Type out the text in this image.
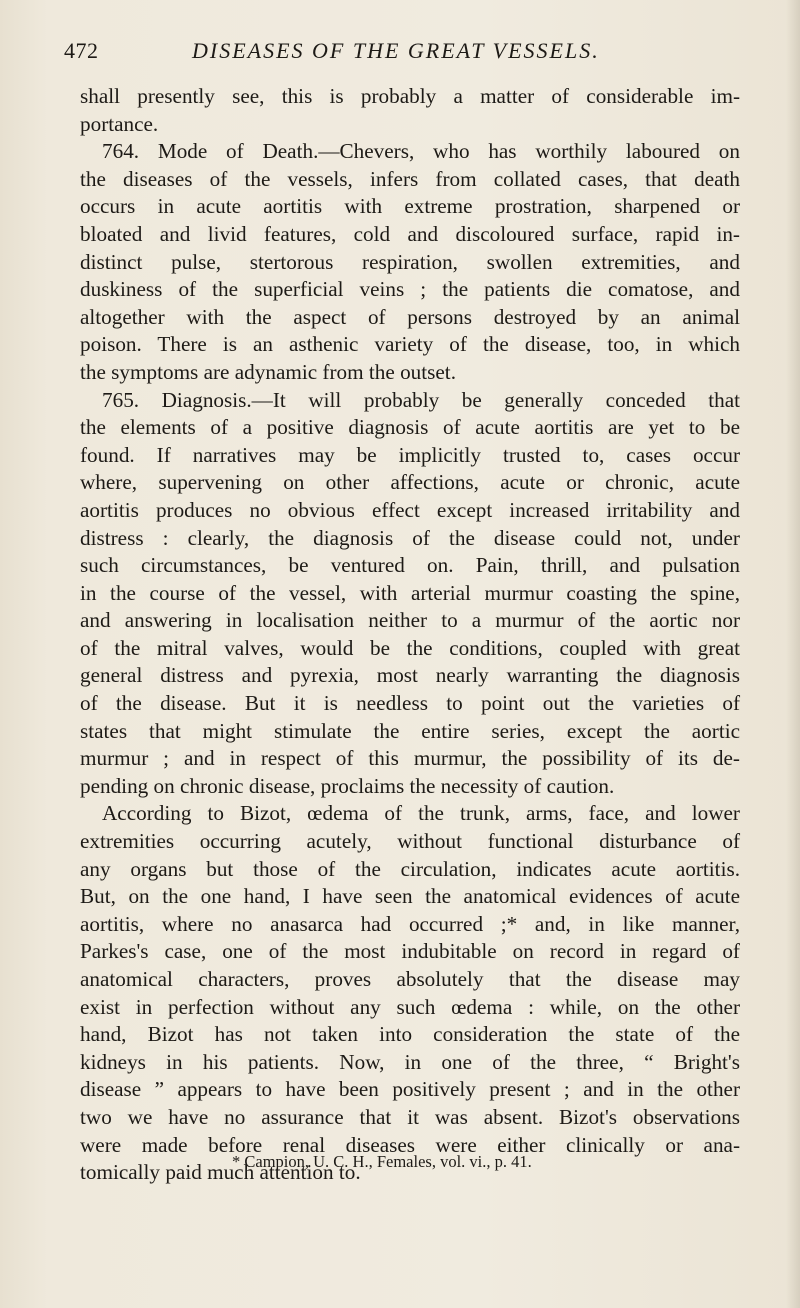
472	DISEASES OF THE GREAT VESSELS.
shall presently see, this is probably a matter of considerable im-
portance.
764. Mode of Death.—Chevers, who has worthily laboured on
the diseases of the vessels, infers from collated cases, that death
occurs in acute aortitis with extreme prostration, sharpened or
bloated and livid features, cold and discoloured surface, rapid in-
distinct pulse, stertorous respiration, swollen extremities, and
duskiness of the superficial veins ; the patients die comatose, and
altogether with the aspect of persons destroyed by an animal
poison. There is an asthenic variety of the disease, too, in which
the symptoms are adynamic from the outset.
765. Diagnosis.—It will probably be generally conceded that
the elements of a positive diagnosis of acute aortitis are yet to be
found. If narratives may be implicitly trusted to, cases occur
where, supervening on other affections, acute or chronic, acute
aortitis produces no obvious effect except increased irritability and
distress : clearly, the diagnosis of the disease could not, under
such circumstances, be ventured on. Pain, thrill, and pulsation
in the course of the vessel, with arterial murmur coasting the spine,
and answering in localisation neither to a murmur of the aortic nor
of the mitral valves, would be the conditions, coupled with great
general distress and pyrexia, most nearly warranting the diagnosis
of the disease. But it is needless to point out the varieties of
states that might stimulate the entire series, except the aortic
murmur ; and in respect of this murmur, the possibility of its de-
pending on chronic disease, proclaims the necessity of caution.
According to Bizot, œdema of the trunk, arms, face, and lower
extremities occurring acutely, without functional disturbance of
any organs but those of the circulation, indicates acute aortitis.
But, on the one hand, I have seen the anatomical evidences of acute
aortitis, where no anasarca had occurred ;* and, in like manner,
Parkes's case, one of the most indubitable on record in regard of
anatomical characters, proves absolutely that the disease may
exist in perfection without any such œdema : while, on the other
hand, Bizot has not taken into consideration the state of the
kidneys in his patients. Now, in one of the three, “ Bright's
disease ” appears to have been positively present ; and in the other
two we have no assurance that it was absent. Bizot's observations
were made before renal diseases were either clinically or ana-
tomically paid much attention to.
* Campion, U. C. H., Females, vol. vi., p. 41.
